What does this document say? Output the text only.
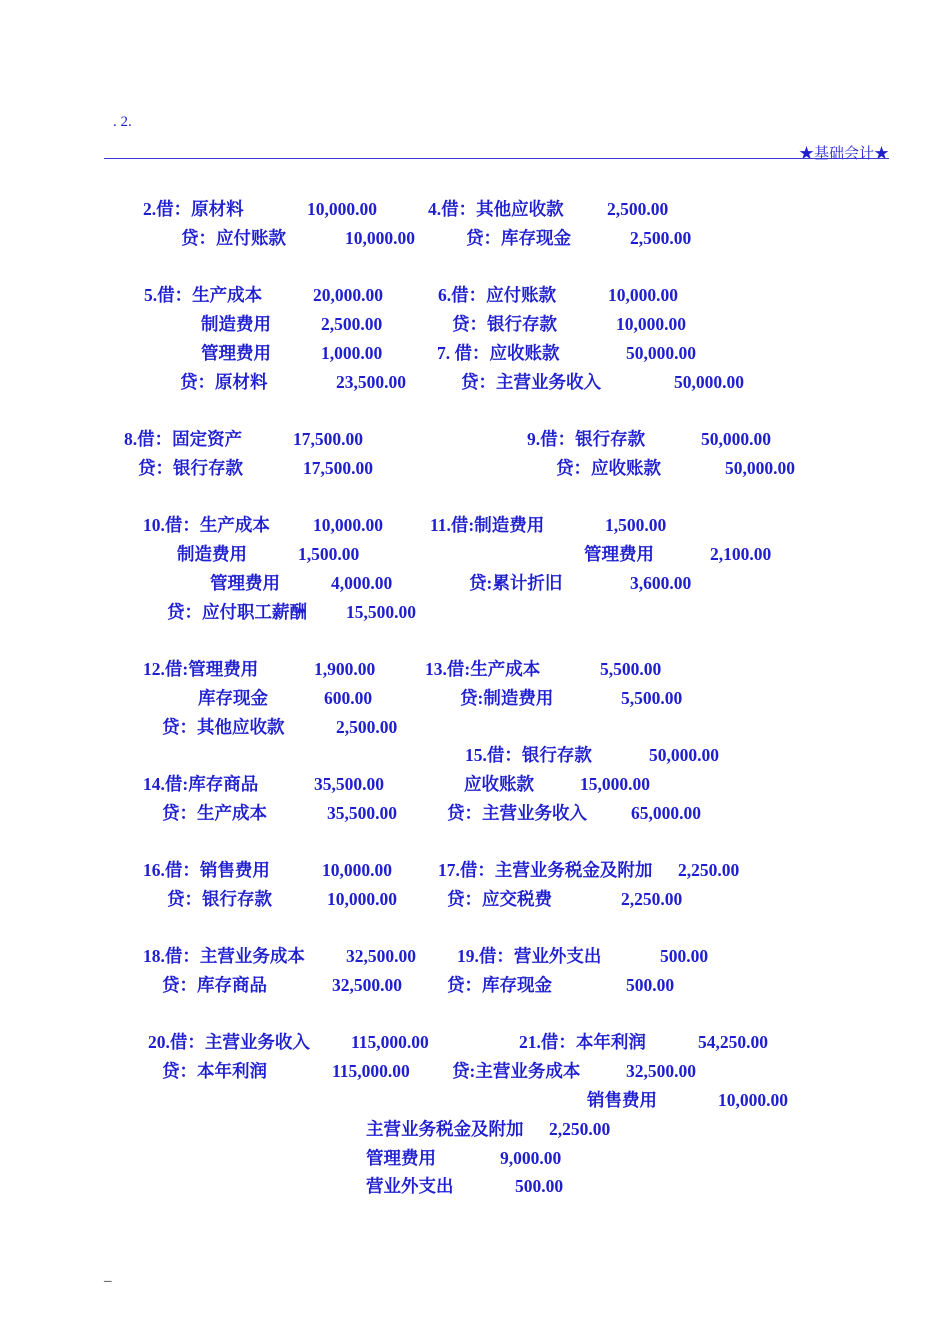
. 2.
★基础会计★
2.借：原材料	10,000.00
贷：应付账款	10,000.00
4.借：其他应收款 2,500.00
贷：库存现金	2,500.00
5.借：生产成本	20,000.00
制造费用	2,500.00
管理费用	1,000.00
贷：原材料	23,500.00
6.借：应付账款	10,000.00
贷：银行存款	10,000.00
7. 借：应收账款	50,000.00
贷：主营业务收入	50,000.00
8.借：固定资产	17,500.00
贷：银行存款	17,500.00
9.借：银行存款	50,000.00
贷：应收账款	50,000.00
10.借：生产成本 10,000.00
制造费用	1,500.00
管理费用	4,000.00
贷：应付职工薪酬 15,500.00
11.借:制造费用	1,500.00
管理费用	2,100.00
贷:累计折旧	3,600.00
12.借:管理费用	1,900.00
库存现金	600.00
贷：其他应收款	2,500.00
13.借:生产成本	5,500.00
贷:制造费用	5,500.00
15.借：银行存款	50,000.00
应收账款	15,000.00
贷：主营业务收入	65,000.00
14.借:库存商品	35,500.00
贷：生产成本	35,500.00
16.借：销售费用	10,000.00
贷：银行存款	10,000.00
17.借：主营业务税金及附加 2,250.00
贷：应交税费	2,250.00
18.借：主营业务成本 32,500.00
贷：库存商品	32,500.00
19.借：营业外支出	500.00
贷：库存现金	500.00
20.借：主营业务收入 115,000.00
贷：本年利润	115,000.00
21.借：本年利润	54,250.00
贷:主营业务成本	32,500.00
销售费用	10,000.00
主营业务税金及附加 2,250.00
管理费用	9,000.00
营业外支出	500.00
_
